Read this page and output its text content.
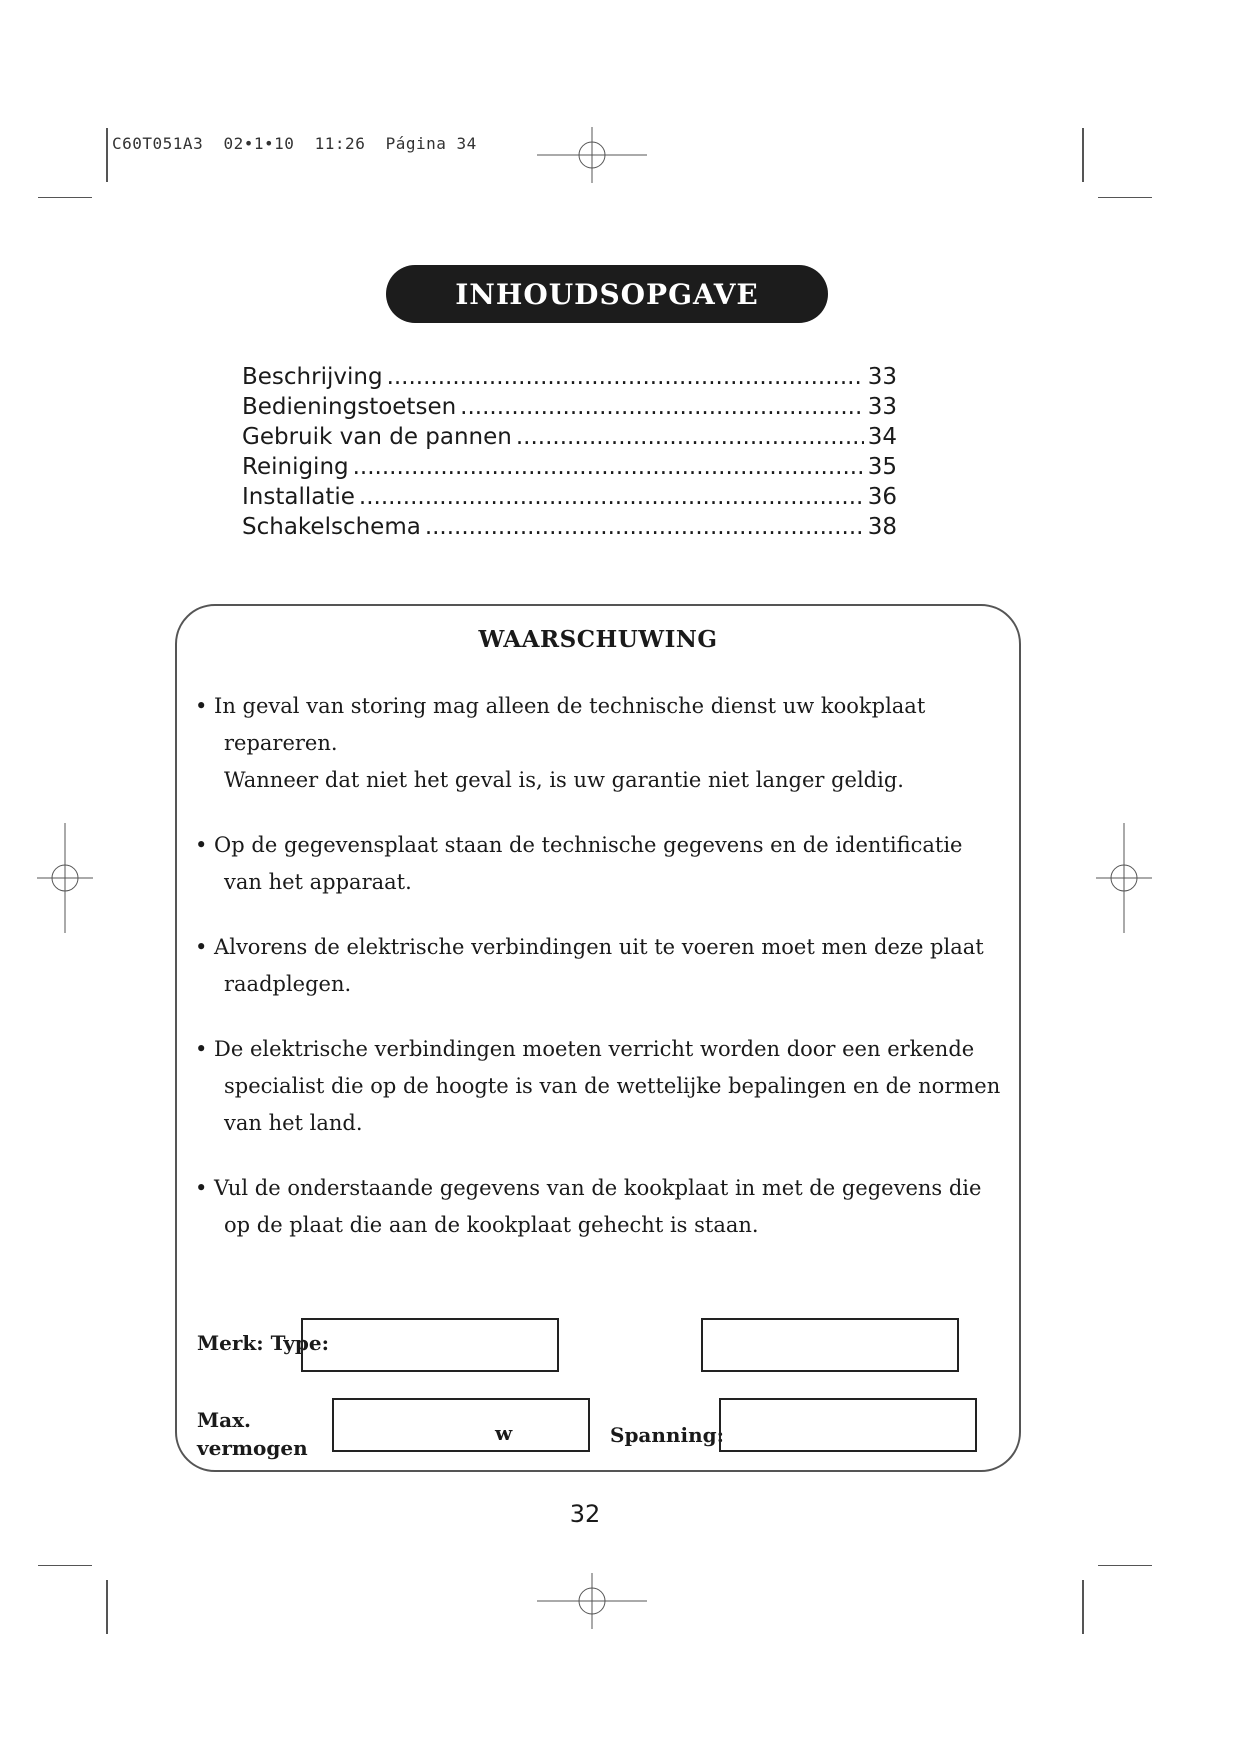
C60T051A3  02•1•10  11:26  Página 34
INHOUDSOPGAVE
Beschrijving .....	33
Bedieningstoetsen .....	33
Gebruik van de pannen .....	34
Reiniging .....	35
Installatie .....	36
Schakelschema .....	38
WAARSCHUWING
• In geval van storing mag alleen de technische dienst uw kookplaat
repareren.
Wanneer dat niet het geval is, is uw garantie niet langer geldig.
• Op de gegevensplaat staan de technische gegevens en de identificatie
van het apparaat.
• Alvorens de elektrische verbindingen uit te voeren moet men deze plaat
raadplegen.
• De elektrische verbindingen moeten verricht worden door een erkende
specialist die op de hoogte is van de wettelijke bepalingen en de normen
van het land.
• Vul de onderstaande gegevens van de kookplaat in met de gegevens die
op de plaat die aan de kookplaat gehecht is staan.
Merk: Type:
Max.
vermogen
w	Spanning:
32
